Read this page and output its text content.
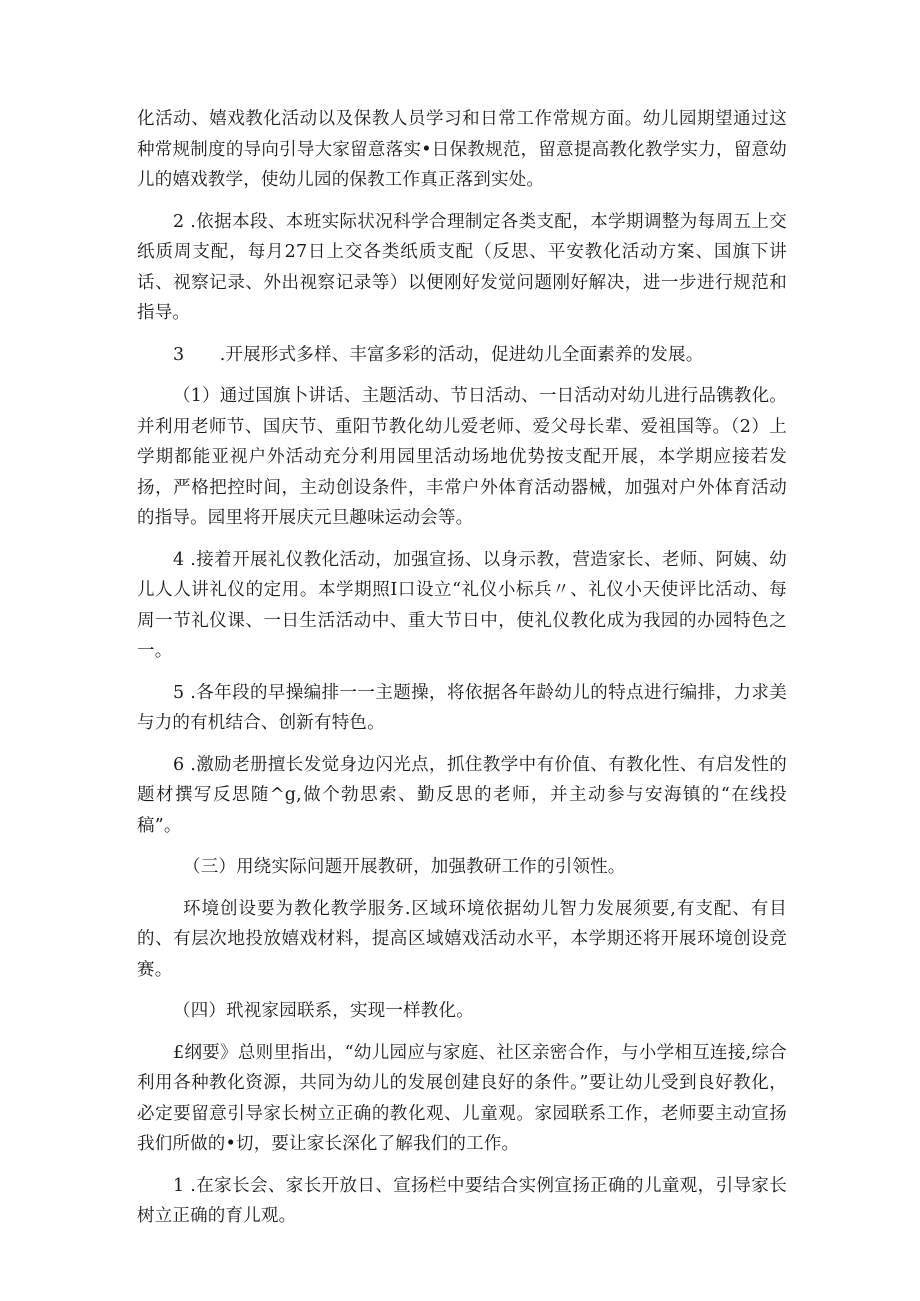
化活动、嬉戏教化活动以及保教人员学习和日常工作常规方面。幼儿园期望通过这种常规制度的导向引导大家留意落实•日保教规范，留意提高教化教学实力，留意幼儿的嬉戏教学，使幼儿园的保教工作真正落到实处。

2 .依据本段、本班实际状况科学合理制定各类支配，本学期调整为每周五上交纸质周支配，每月27日上交各类纸质支配（反思、平安教化活动方案、国旗下讲话、视察记录、外出视察记录等）以便刚好发觉问题刚好解决，进一步进行规范和指导。

3　　.开展形式多样、丰富多彩的活动，促进幼儿全面素养的发展。

（1）通过国旗卜讲话、主题活动、节日活动、一日活动对幼儿进行品镌教化。并利用老师节、国庆节、重阳节教化幼儿爱老师、爱父母长辈、爱祖国等。（2）上学期都能亚视户外活动充分利用园里活动场地优势按支配开展，本学期应接若发扬，严格把控时间，主动创设条件，丰常户外体育活动器械，加强对户外体育活动的指导。园里将开展庆元旦趣味运动会等。

4 .接着开展礼仪教化活动，加强宣扬、以身示教，营造家长、老师、阿姨、幼儿人人讲礼仪的定用。本学期照Ⅰ口设立“礼仪小标兵〃、礼仪小天使评比活动、每周一节礼仪课、一日生活活动中、重大节日中，使礼仪教化成为我园的办园特色之一。

5 .各年段的早操编排一一主题操，将依据各年龄幼儿的特点进行编排，力求美与力的有机结合、创新有特色。

6 .激励老册擅长发觉身边闪光点，抓住教学中有价值、有教化性、有启发性的题材撰写反思随^g,做个勃思索、勤反思的老师，并主动参与安海镇的“在线投稿”。

（三）用绕实际问题开展教研，加强教研工作的引领性。

环境创设要为教化教学服务.区域环境依据幼儿智力发展须要,有支配、有目的、有层次地投放嬉戏材料，提高区域嬉戏活动水平，本学期还将开展环境创设竞赛。

（四）玳视家园联系，实现一样教化。

£纲要》总则里指出，“幼儿园应与家庭、社区亲密合作，与小学相互连接,综合利用各种教化资源，共同为幼儿的发展创建良好的条件。”要让幼儿受到良好教化，必定要留意引导家长树立正确的教化观、儿童观。家园联系工作，老师要主动宣扬我们所做的•切，要让家长深化了解我们的工作。

1 .在家长会、家长开放日、宣扬栏中要结合实例宣扬正确的儿童观，引导家长树立正确的育儿观。
